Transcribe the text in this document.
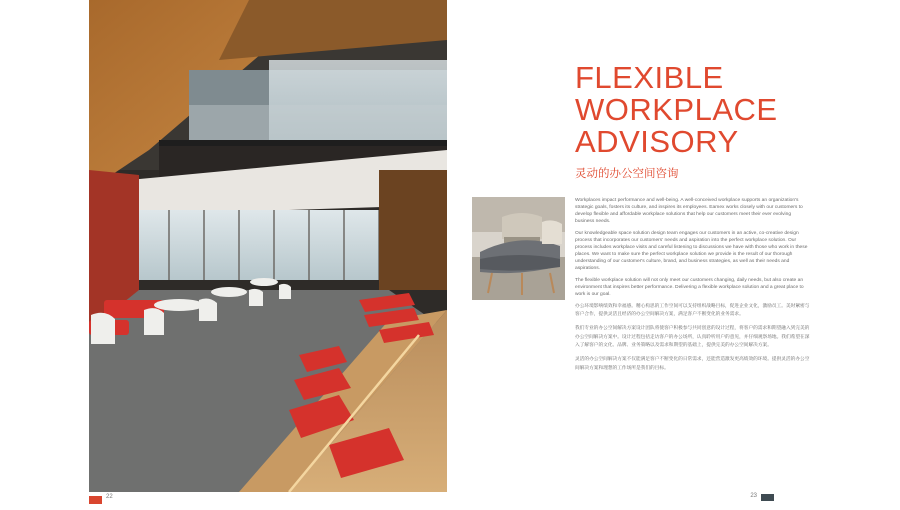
22
FLEXIBLE
WORKPLACE
ADVISORY
灵动的办公空间咨询

Workplaces impact performance and well-being. A well-conceived workplace supports an organization's strategic goals, fosters its culture, and inspires its employees. Eamex works closely with our customers to develop flexible and affordable workplace solutions that help our customers meet their ever evolving business needs.

Our knowledgeable space solution design team engages our customers in an active, co-creative design process that incorporates our customers' needs and aspiration into the perfect workplace solution. Our process includes workplace visits and careful listening to discussions we have with those who work in these places. We want to make sure the perfect workplace solution we provide is the result of our thorough understanding of our customer's culture, brand, and business strategies, as well as their needs and aspirations.

The flexible workplace solution will not only meet our customers changing, daily needs, but also create an environment that inspires better performance. Delivering a flexible workplace solution and a great place to work is our goal.

办公环境影响绩效和幸福感。精心构思的工作空间可以支持组织战略目标，促进企业文化，激励员工。美时紧密与客户合作，提供灵活且经济的办公空间解决方案，满足客户不断变化的业务需求。

我们专业的办公空间解决方案设计团队将使客户积极参与共同创意的设计过程，将客户的需求和期望融入到完美的办公空间解决方案中。设计过程包括走访客户的办公场所，认真聆听用户的意见，并仔细观察场地。我们希望在深入了解客户的文化、品牌、业务策略以及需求和期望的基础上，提供完美的办公空间解决方案。

灵活的办公空间解决方案不仅能满足客户不断变化的日常需求，还能营造激发更高绩效的环境。提供灵活的办公空间解决方案和理想的工作场所是我们的目标。

23
